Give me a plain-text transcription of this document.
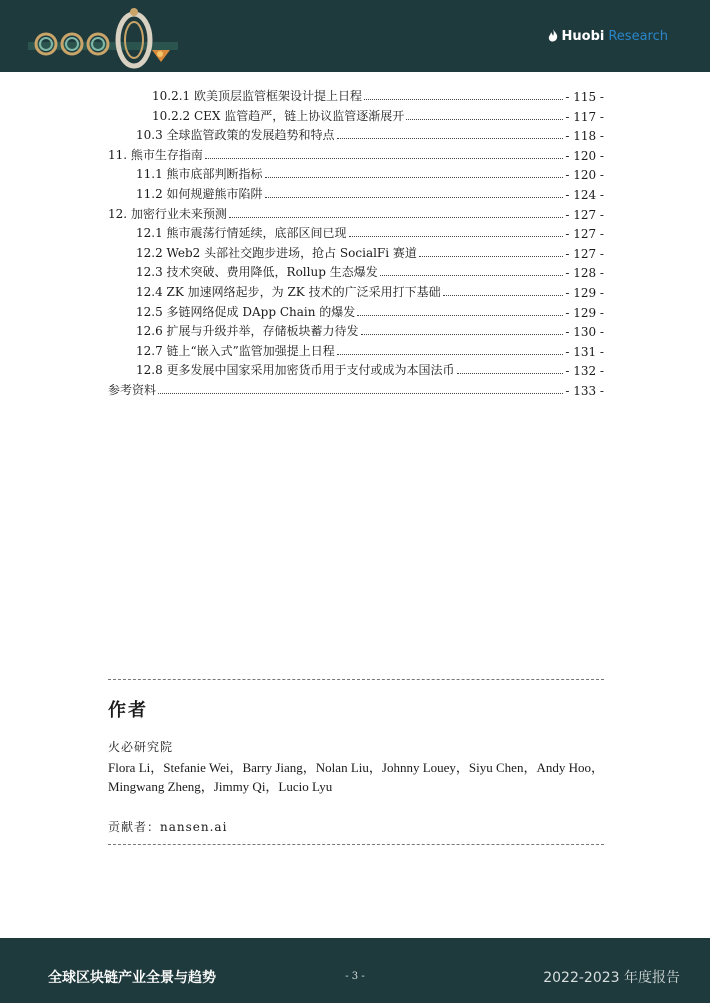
Huobi Research
10.2.1 欧美顶层监管框架设计提上日程	- 115 -
10.2.2 CEX 监管趋严，链上协议监管逐渐展开	- 117 -
10.3 全球监管政策的发展趋势和特点	- 118 -
11. 熊市生存指南	- 120 -
11.1 熊市底部判断指标	- 120 -
11.2 如何规避熊市陷阱	- 124 -
12. 加密行业未来预测	- 127 -
12.1 熊市震荡行情延续，底部区间已现	- 127 -
12.2 Web2 头部社交跑步进场，抢占 SocialFi 赛道	- 127 -
12.3 技术突破、费用降低，Rollup 生态爆发	- 128 -
12.4 ZK 加速网络起步，为 ZK 技术的广泛采用打下基础	- 129 -
12.5 多链网络促成 DApp Chain 的爆发	- 129 -
12.6 扩展与升级并举，存储板块蓄力待发	- 130 -
12.7 链上“嵌入式”监管加强提上日程	- 131 -
12.8 更多发展中国家采用加密货币用于支付或成为本国法币	- 132 -
参考资料	- 133 -
作者
火必研究院
Flora Li，Stefanie Wei，Barry Jiang，Nolan Liu，Johnny Louey，Siyu Chen，Andy Hoo，Mingwang Zheng，Jimmy Qi，Lucio Lyu
贡献者：nansen.ai
全球区块链产业全景与趋势	- 3 -	2022-2023 年度报告
